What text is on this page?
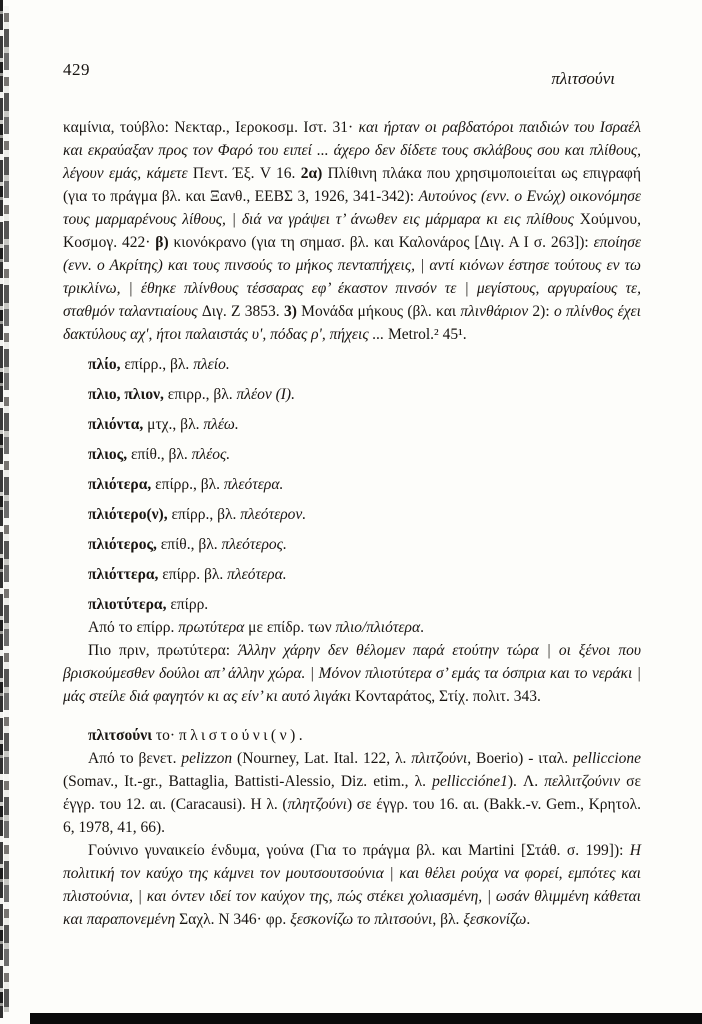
429	πλιτσούνι

καμίνια, τούβλο: Νεκταρ., Ιεροκοσμ. Ιστ. 31· και ήρταν οι ραβδατόροι παιδιών του Ισραέλ και εκραύαξαν προς τον Φαρό του ειπεί ... άχερο δεν δίδετε τους σκλάβους σου και πλίθους, λέγουν εμάς, κάμετε Πεντ. Έξ. V 16. 2α) Πλίθινη πλάκα που χρησιμοποιείται ως επιγραφή (για το πράγμα βλ. και Ξανθ., ΕΕΒΣ 3, 1926, 341-342): Αυτούνος (ενν. ο Ενώχ) οικονόμησε τους μαρμαρένους λίθους, | διά να γράψει τ’ άνωθεν εις μάρμαρα κι εις πλίθους Χούμνου, Κοσμογ. 422· β) κιονόκρανο (για τη σημασ. βλ. και Καλονάρος [Διγ. Α Ι σ. 263]): εποίησε (ενν. ο Ακρίτης) και τους πινσούς το μήκος πενταπήχεις, | αντί κιόνων έστησε τούτους εν τω τρικλίνω, | έθηκε πλίνθους τέσσαρας εφ’ έκαστον πινσόν τε | μεγίστους, αργυραίους τε, σταθμόν ταλαντιαίους Διγ. Ζ 3853. 3) Μονάδα μήκους (βλ. και πλινθάριον 2): ο πλίνθος έχει δακτύλους αχ', ήτοι παλαιστάς υ', πόδας ρ', πήχεις ... Metrol.² 45¹.

πλίο, επίρρ., βλ. πλείο.

πλιο, πλιον, επιρρ., βλ. πλέον (Ι).

πλιόντα, μτχ., βλ. πλέω.

πλιος, επίθ., βλ. πλέος.

πλιότερα, επίρρ., βλ. πλεότερα.

πλιότερο(ν), επίρρ., βλ. πλεότερον.

πλιότερος, επίθ., βλ. πλεότερος.

πλιόττερα, επίρρ. βλ. πλεότερα.

πλιοτύτερα, επίρρ.

Από το επίρρ. πρωτύτερα με επίδρ. των πλιο/πλιότερα.

Πιο πριν, πρωτύτερα: Άλλην χάρην δεν θέλομεν παρά ετούτην τώρα | οι ξένοι που βρισκούμεσθεν δούλοι απ’ άλλην χώρα. | Μόνον πλιοτύτερα σ’ εμάς τα όσπρια και το νεράκι | μάς στείλε διά φαγητόν κι ας είν’ κι αυτό λιγάκι Κονταράτος, Στίχ. πολιτ. 343.

πλιτσούνι το· πλιστούνι(ν).

Από το βενετ. pelizzon (Nourney, Lat. Ital. 122, λ. πλιτζούνι, Boerio) - ιταλ. pelliccione (Somav., It.-gr., Battaglia, Battisti-Alessio, Diz. etim., λ. pelliccióne1). Λ. πελλιτζούνιν σε έγγρ. του 12. αι. (Caracausi). Η λ. (πλητζούνι) σε έγγρ. του 16. αι. (Bakk.-v. Gem., Κρητολ. 6, 1978, 41, 66).

Γούνινο γυναικείο ένδυμα, γούνα (Για το πράγμα βλ. και Martini [Στάθ. σ. 199]): Η πολιτική τον καύχο της κάμνει τον μουτσουτσούνια | και θέλει ρούχα να φορεί, εμπότες και πλιστούνια, | και όντεν ιδεί τον καύχον της, πώς στέκει χολιασμένη, | ωσάν θλιμμένη κάθεται και παραπονεμένη Σαχλ. Ν 346· φρ. ξεσκονίζω το πλιτσούνι, βλ. ξεσκονίζω.
